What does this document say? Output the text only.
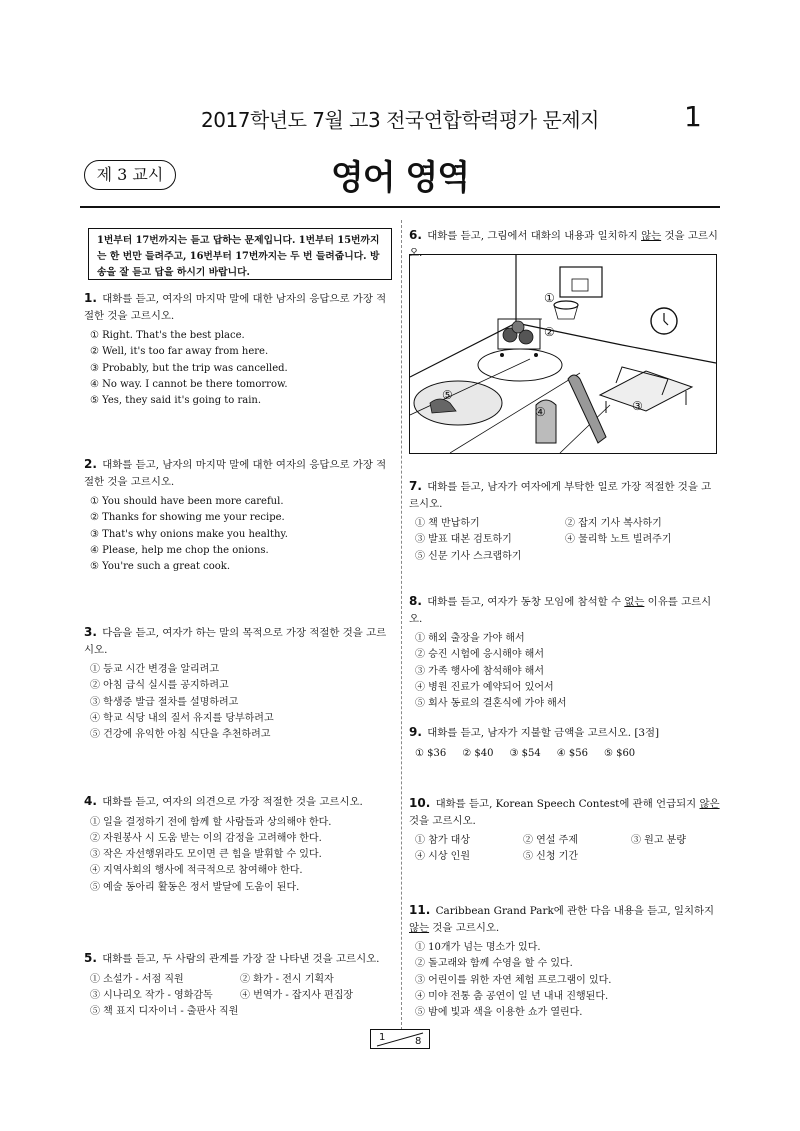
2017학년도 7월 고3 전국연합학력평가 문제지	1
제 3 교시	영어 영역
1번부터 17번까지는 듣고 답하는 문제입니다. 1번부터 15번까지는 한 번만 들려주고, 16번부터 17번까지는 두 번 들려줍니다. 방송을 잘 듣고 답을 하시기 바랍니다.
1. 대화를 듣고, 여자의 마지막 말에 대한 남자의 응답으로 가장 적절한 것을 고르시오.
① Right. That's the best place.
② Well, it's too far away from here.
③ Probably, but the trip was cancelled.
④ No way. I cannot be there tomorrow.
⑤ Yes, they said it's going to rain.
2. 대화를 듣고, 남자의 마지막 말에 대한 여자의 응답으로 가장 적절한 것을 고르시오.
① You should have been more careful.
② Thanks for showing me your recipe.
③ That's why onions make you healthy.
④ Please, help me chop the onions.
⑤ You're such a great cook.
3. 다음을 듣고, 여자가 하는 말의 목적으로 가장 적절한 것을 고르시오.
① 등교 시간 변경을 알리려고
② 아침 급식 실시를 공지하려고
③ 학생증 발급 절차를 설명하려고
④ 학교 식당 내의 질서 유지를 당부하려고
⑤ 건강에 유익한 아침 식단을 추천하려고
4. 대화를 듣고, 여자의 의견으로 가장 적절한 것을 고르시오.
① 일을 결정하기 전에 함께 할 사람들과 상의해야 한다.
② 자원봉사 시 도움 받는 이의 감정을 고려해야 한다.
③ 작은 자선행위라도 모이면 큰 힘을 발휘할 수 있다.
④ 지역사회의 행사에 적극적으로 참여해야 한다.
⑤ 예술 동아리 활동은 정서 발달에 도움이 된다.
5. 대화를 듣고, 두 사람의 관계를 가장 잘 나타낸 것을 고르시오.
① 소설가 - 서점 직원	② 화가 - 전시 기획자
③ 시나리오 작가 - 영화감독	④ 번역가 - 잡지사 편집장
⑤ 책 표지 디자이너 - 출판사 직원
6. 대화를 듣고, 그림에서 대화의 내용과 일치하지 않는 것을 고르시오.
①
②
③
④
⑤
7. 대화를 듣고, 남자가 여자에게 부탁한 일로 가장 적절한 것을 고르시오.
① 책 반납하기	② 잡지 기사 복사하기
③ 발표 대본 검토하기	④ 물리학 노트 빌려주기
⑤ 신문 기사 스크랩하기
8. 대화를 듣고, 여자가 동창 모임에 참석할 수 없는 이유를 고르시오.
① 해외 출장을 가야 해서
② 승진 시험에 응시해야 해서
③ 가족 행사에 참석해야 해서
④ 병원 진료가 예약되어 있어서
⑤ 회사 동료의 결혼식에 가야 해서
9. 대화를 듣고, 남자가 지불할 금액을 고르시오. [3점]
① $36 ② $40 ③ $54 ④ $56 ⑤ $60
10. 대화를 듣고, Korean Speech Contest에 관해 언급되지 않은 것을 고르시오.
① 참가 대상	② 연설 주제	③ 원고 분량
④ 시상 인원	⑤ 신청 기간
11. Caribbean Grand Park에 관한 다음 내용을 듣고, 일치하지 않는 것을 고르시오.
① 10개가 넘는 명소가 있다.
② 돌고래와 함께 수영을 할 수 있다.
③ 어린이를 위한 자연 체험 프로그램이 있다.
④ 미야 전통 춤 공연이 일 년 내내 진행된다.
⑤ 밤에 빛과 색을 이용한 쇼가 열린다.
1	8
